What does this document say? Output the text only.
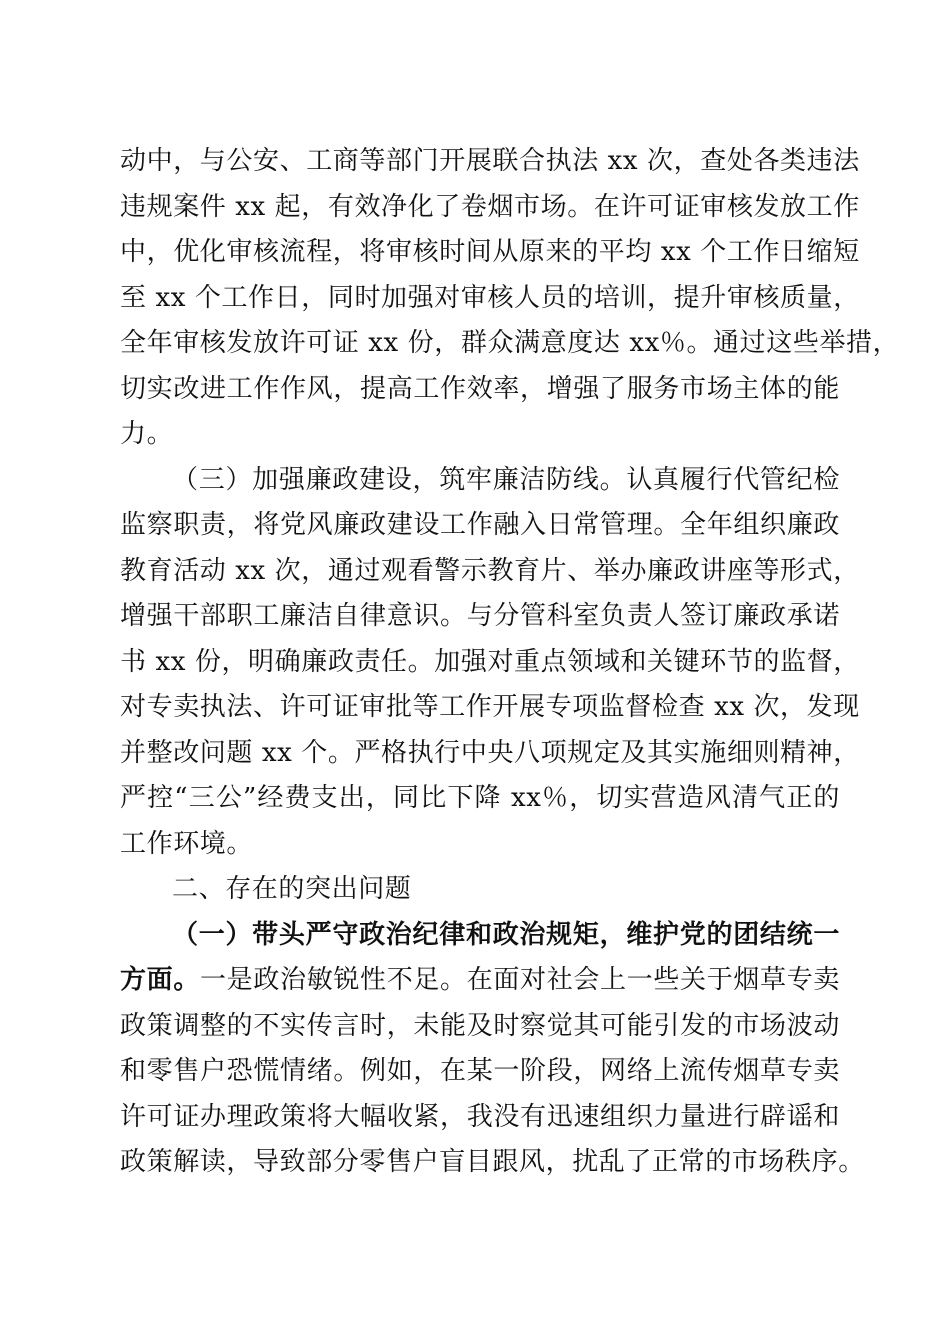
动中，与公安、工商等部门开展联合执法 xx 次，查处各类违法
违规案件 xx 起，有效净化了卷烟市场。在许可证审核发放工作
中，优化审核流程，将审核时间从原来的平均 xx 个工作日缩短
至 xx 个工作日，同时加强对审核人员的培训，提升审核质量，
全年审核发放许可证 xx 份，群众满意度达 xx％。通过这些举措，
切实改进工作作风，提高工作效率，增强了服务市场主体的能
力。
（三）加强廉政建设，筑牢廉洁防线。认真履行代管纪检
监察职责，将党风廉政建设工作融入日常管理。全年组织廉政
教育活动 xx 次，通过观看警示教育片、举办廉政讲座等形式，
增强干部职工廉洁自律意识。与分管科室负责人签订廉政承诺
书 xx 份，明确廉政责任。加强对重点领域和关键环节的监督，
对专卖执法、许可证审批等工作开展专项监督检查 xx 次，发现
并整改问题 xx 个。严格执行中央八项规定及其实施细则精神，
严控“三公”经费支出，同比下降 xx％，切实营造风清气正的
工作环境。
二、存在的突出问题
（一）带头严守政治纪律和政治规矩，维护党的团结统一
方面。一是政治敏锐性不足。在面对社会上一些关于烟草专卖
政策调整的不实传言时，未能及时察觉其可能引发的市场波动
和零售户恐慌情绪。例如，在某一阶段，网络上流传烟草专卖
许可证办理政策将大幅收紧，我没有迅速组织力量进行辟谣和
政策解读，导致部分零售户盲目跟风，扰乱了正常的市场秩序。
